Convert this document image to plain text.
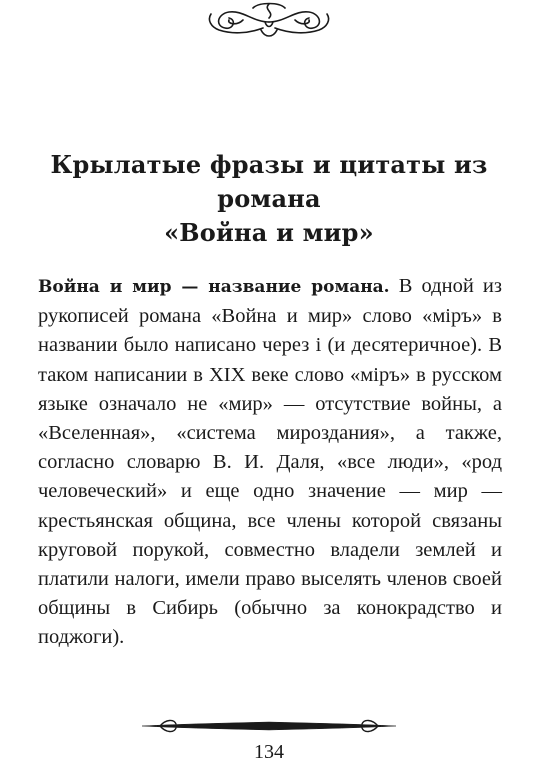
Крылатые фразы и цитаты из романа
«Война и мир»

Война и мир — название романа. В одной из рукописей романа «Война и мир» слово «міръ» в названии было написано через і (и десятеричное). В таком написании в XIX веке слово «міръ» в русском языке означало не «мир» — отсутствие войны, а «Вселенная», «система мироздания», а также, согласно словарю В. И. Даля, «все люди», «род человеческий» и еще одно значение — мир — крестьянская община, все члены которой связаны круговой порукой, совместно владели землей и платили налоги, имели право выселять членов своей общины в Сибирь (обычно за конокрадство и поджоги).

134
